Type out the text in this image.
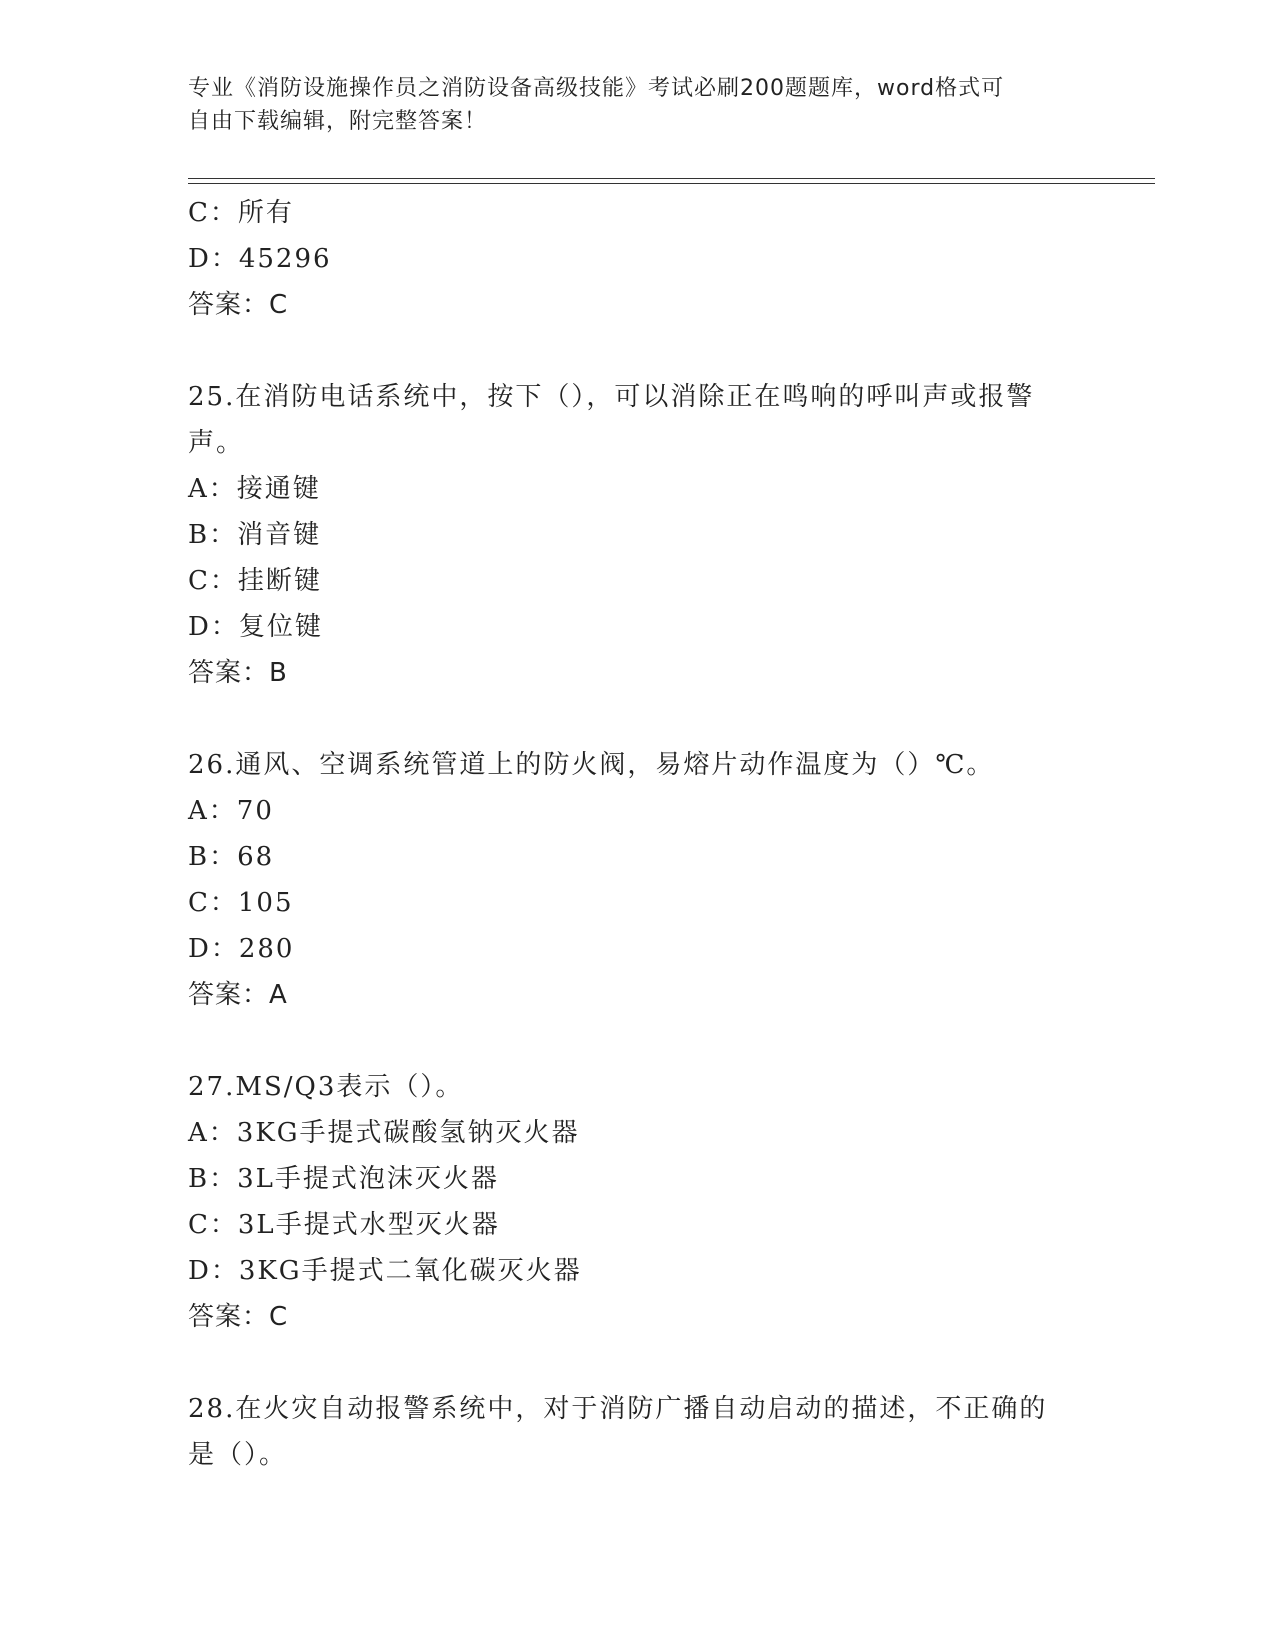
专业《消防设施操作员之消防设备高级技能》考试必刷200题题库，word格式可
自由下载编辑，附完整答案！
C：所有
D：45296
答案：C
25.在消防电话系统中，按下（），可以消除正在鸣响的呼叫声或报警
声。
A：接通键
B：消音键
C：挂断键
D：复位键
答案：B
26.通风、空调系统管道上的防火阀，易熔片动作温度为（）℃。
A：70
B：68
C：105
D：280
答案：A
27.MS/Q3表示（）。
A：3KG手提式碳酸氢钠灭火器
B：3L手提式泡沫灭火器
C：3L手提式水型灭火器
D：3KG手提式二氧化碳灭火器
答案：C
28.在火灾自动报警系统中，对于消防广播自动启动的描述，不正确的
是（）。
